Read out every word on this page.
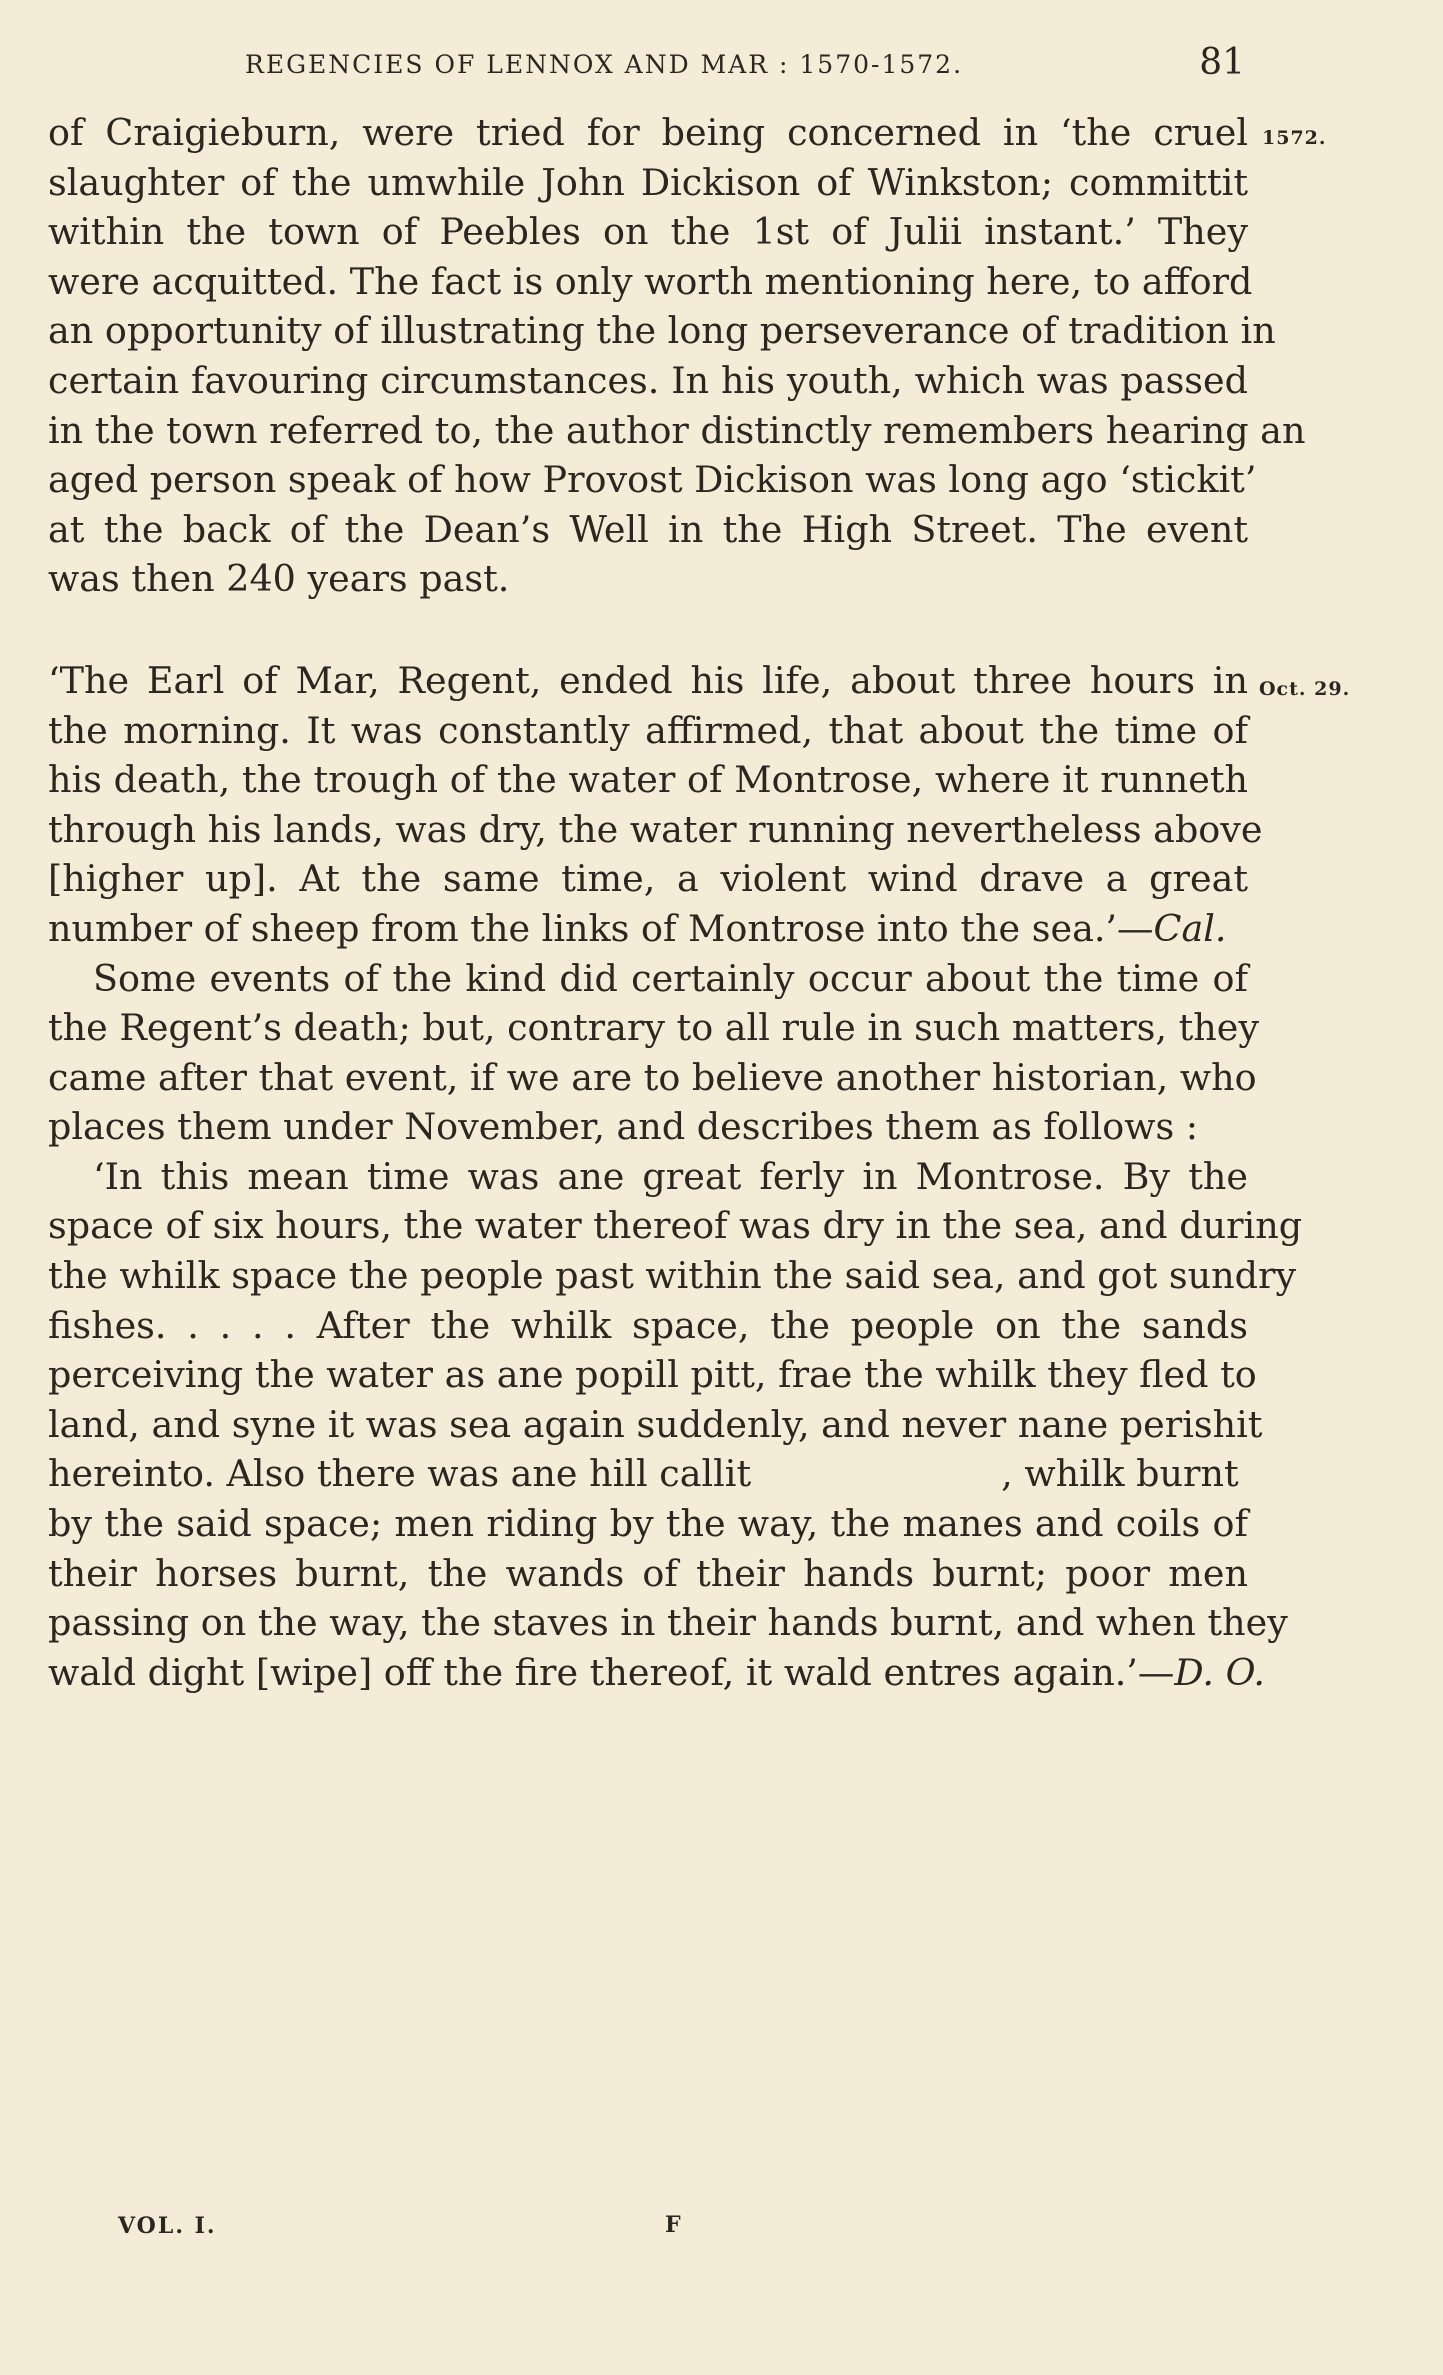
REGENCIES OF LENNOX AND MAR : 1570-1572.	81
1572.
Oct. 29.
of Craigieburn, were tried for being concerned in ‘the cruel
slaughter of the umwhile John Dickison of Winkston; committit
within the town of Peebles on the 1st of Julii instant.’ They
were acquitted. The fact is only worth mentioning here, to afford
an opportunity of illustrating the long perseverance of tradition in
certain favouring circumstances. In his youth, which was passed
in the town referred to, the author distinctly remembers hearing an
aged person speak of how Provost Dickison was long ago ‘stickit’
at the back of the Dean’s Well in the High Street. The event
was then 240 years past.
‘The Earl of Mar, Regent, ended his life, about three hours in
the morning. It was constantly affirmed, that about the time of
his death, the trough of the water of Montrose, where it runneth
through his lands, was dry, the water running nevertheless above
[higher up]. At the same time, a violent wind drave a great
number of sheep from the links of Montrose into the sea.’—Cal.
Some events of the kind did certainly occur about the time of
the Regent’s death; but, contrary to all rule in such matters, they
came after that event, if we are to believe another historian, who
places them under November, and describes them as follows :
‘In this mean time was ane great ferly in Montrose. By the
space of six hours, the water thereof was dry in the sea, and during
the whilk space the people past within the said sea, and got sundry
fishes. . . . . After the whilk space, the people on the sands
perceiving the water as ane popill pitt, frae the whilk they fled to
land, and syne it was sea again suddenly, and never nane perishit
hereinto. Also there was ane hill callit	, whilk burnt
by the said space; men riding by the way, the manes and coils of
their horses burnt, the wands of their hands burnt; poor men
passing on the way, the staves in their hands burnt, and when they
wald dight [wipe] off the fire thereof, it wald entres again.’—D. O.
VOL. I.	F
